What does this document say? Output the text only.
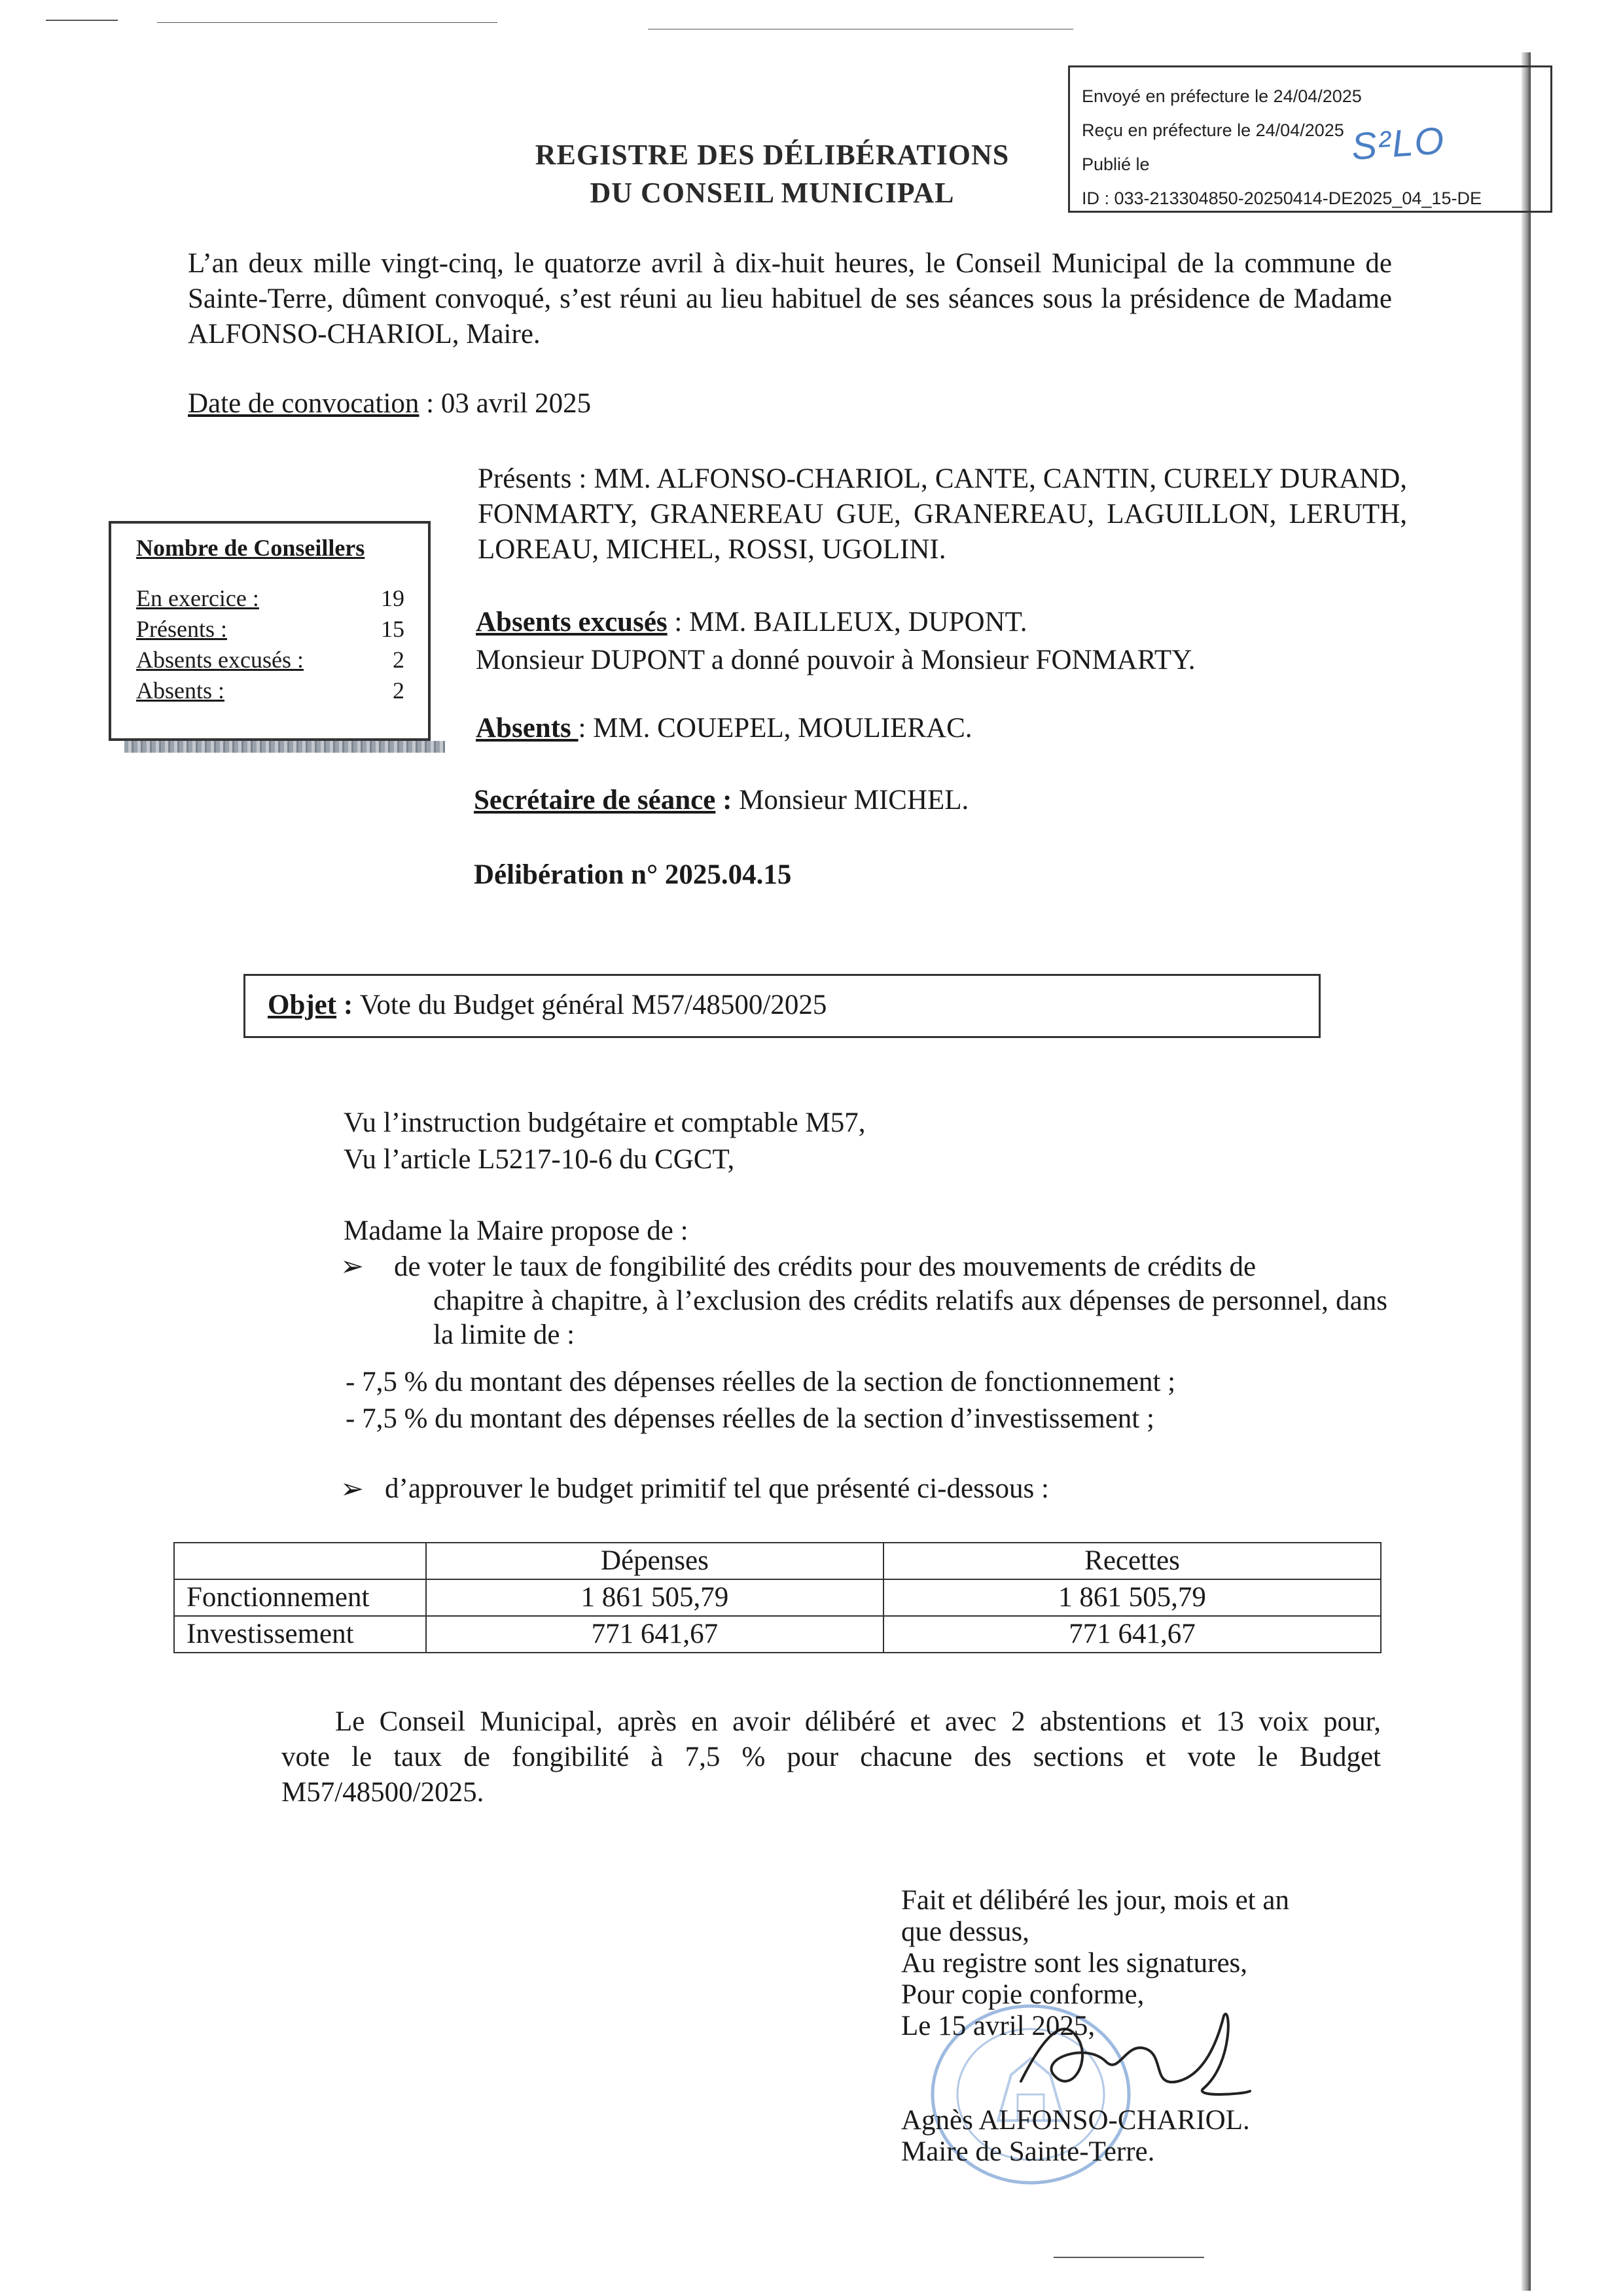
Envoyé en préfecture le 24/04/2025
Reçu en préfecture le 24/04/2025
Publié le
ID : 033-213304850-20250414-DE2025_04_15-DE
S²LO
REGISTRE DES DÉLIBÉRATIONS
DU CONSEIL MUNICIPAL
L’an deux mille vingt-cinq, le quatorze avril à dix-huit heures, le Conseil Municipal de la commune de Sainte-Terre, dûment convoqué, s’est réuni au lieu habituel de ses séances sous la présidence de Madame ALFONSO-CHARIOL, Maire.
Date de convocation : 03 avril 2025
Présents : MM. ALFONSO-CHARIOL, CANTE, CANTIN, CURELY DURAND, FONMARTY, GRANEREAU GUE, GRANEREAU, LAGUILLON, LERUTH, LOREAU, MICHEL, ROSSI, UGOLINI.
Nombre de Conseillers
En exercice :	19
Présents :	15
Absents excusés :	2
Absents :	2
Absents excusés : MM. BAILLEUX, DUPONT.
Monsieur DUPONT a donné pouvoir à Monsieur FONMARTY.
Absents : MM. COUEPEL, MOULIERAC.
Secrétaire de séance : Monsieur MICHEL.
Délibération n° 2025.04.15
Objet : Vote du Budget général M57/48500/2025
Vu l’instruction budgétaire et comptable M57,
Vu l’article L5217-10-6 du CGCT,
Madame la Maire propose de :
➢ de voter le taux de fongibilité des crédits pour des mouvements de crédits de
chapitre à chapitre, à l’exclusion des crédits relatifs aux dépenses de personnel, dans la limite de :
- 7,5 % du montant des dépenses réelles de la section de fonctionnement ;
- 7,5 % du montant des dépenses réelles de la section d’investissement ;
➢ d’approuver le budget primitif tel que présenté ci-dessous :
	Dépenses	Recettes
Fonctionnement	1 861 505,79	1 861 505,79
Investissement	771 641,67	771 641,67
Le Conseil Municipal, après en avoir délibéré et avec 2 abstentions et 13 voix pour,
vote le taux de fongibilité à 7,5 % pour chacune des sections et vote le Budget
M57/48500/2025.
Fait et délibéré les jour, mois et an
que dessus,
Au registre sont les signatures,
Pour copie conforme,
Le 15 avril 2025,
Agnès ALFONSO-CHARIOL.
Maire de Sainte-Terre.
